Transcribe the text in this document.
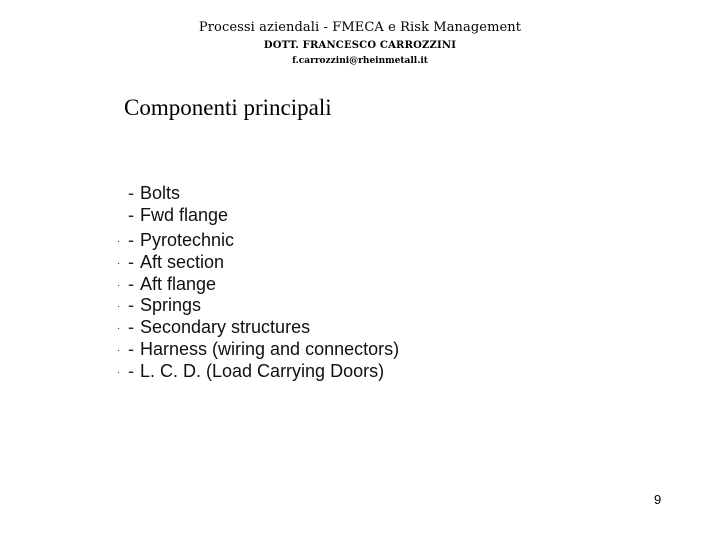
Processi aziendali - FMECA e Risk Management
DOTT. FRANCESCO CARROZZINI
f.carrozzini@rheinmetall.it
Componenti principali
- Bolts
- Fwd flange
· - Pyrotechnic
· - Aft section
· - Aft flange
· - Springs
· - Secondary structures
· - Harness (wiring and connectors)
· - L. C. D. (Load Carrying Doors)
9
